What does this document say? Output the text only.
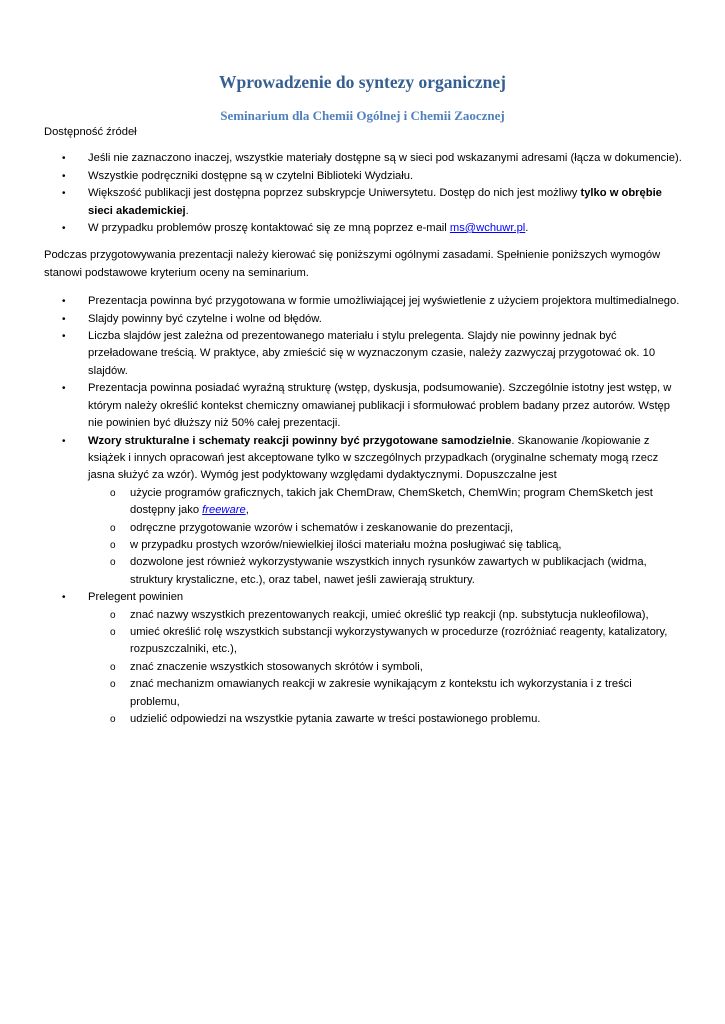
Wprowadzenie do syntezy organicznej
Seminarium dla Chemii Ogólnej i Chemii Zaocznej

Dostępność źródeł

• Jeśli nie zaznaczono inaczej, wszystkie materiały dostępne są w sieci pod wskazanymi adresami (łącza w dokumencie).
• Wszystkie podręczniki dostępne są w czytelni Biblioteki Wydziału.
• Większość publikacji jest dostępna poprzez subskrypcje Uniwersytetu. Dostęp do nich jest możliwy tylko w obrębie sieci akademickiej.
• W przypadku problemów proszę kontaktować się ze mną poprzez e-mail ms@wchuwr.pl.

Podczas przygotowywania prezentacji należy kierować się poniższymi ogólnymi zasadami. Spełnienie poniższych wymogów stanowi podstawowe kryterium oceny na seminarium.

• Prezentacja powinna być przygotowana w formie umożliwiającej jej wyświetlenie z użyciem projektora multimedialnego.
• Slajdy powinny być czytelne i wolne od błędów.
• Liczba slajdów jest zależna od prezentowanego materiału i stylu prelegenta. Slajdy nie powinny jednak być przeładowane treścią. W praktyce, aby zmieścić się w wyznaczonym czasie, należy zazwyczaj przygotować ok. 10 slajdów.
• Prezentacja powinna posiadać wyraźną strukturę (wstęp, dyskusja, podsumowanie). Szczególnie istotny jest wstęp, w którym należy określić kontekst chemiczny omawianej publikacji i sformułować problem badany przez autorów. Wstęp nie powinien być dłuższy niż 50% całej prezentacji.
• Wzory strukturalne i schematy reakcji powinny być przygotowane samodzielnie. Skanowanie /kopiowanie z książek i innych opracowań jest akceptowane tylko w szczególnych przypadkach (oryginalne schematy mogą rzecz jasna służyć za wzór). Wymóg jest podyktowany względami dydaktycznymi. Dopuszczalne jest
o użycie programów graficznych, takich jak ChemDraw, ChemSketch, ChemWin; program ChemSketch jest dostępny jako freeware,
o odręczne przygotowanie wzorów i schematów i zeskanowanie do prezentacji,
o w przypadku prostych wzorów/niewielkiej ilości materiału można posługiwać się tablicą,
o dozwolone jest również wykorzystywanie wszystkich innych rysunków zawartych w publikacjach (widma, struktury krystaliczne, etc.), oraz tabel, nawet jeśli zawierają struktury.
• Prelegent powinien
o znać nazwy wszystkich prezentowanych reakcji, umieć określić typ reakcji (np. substytucja nukleofilowa),
o umieć określić rolę wszystkich substancji wykorzystywanych w procedurze (rozróżniać reagenty, katalizatory, rozpuszczalniki, etc.),
o znać znaczenie wszystkich stosowanych skrótów i symboli,
o znać mechanizm omawianych reakcji w zakresie wynikającym z kontekstu ich wykorzystania i z treści problemu,
o udzielić odpowiedzi na wszystkie pytania zawarte w treści postawionego problemu.
